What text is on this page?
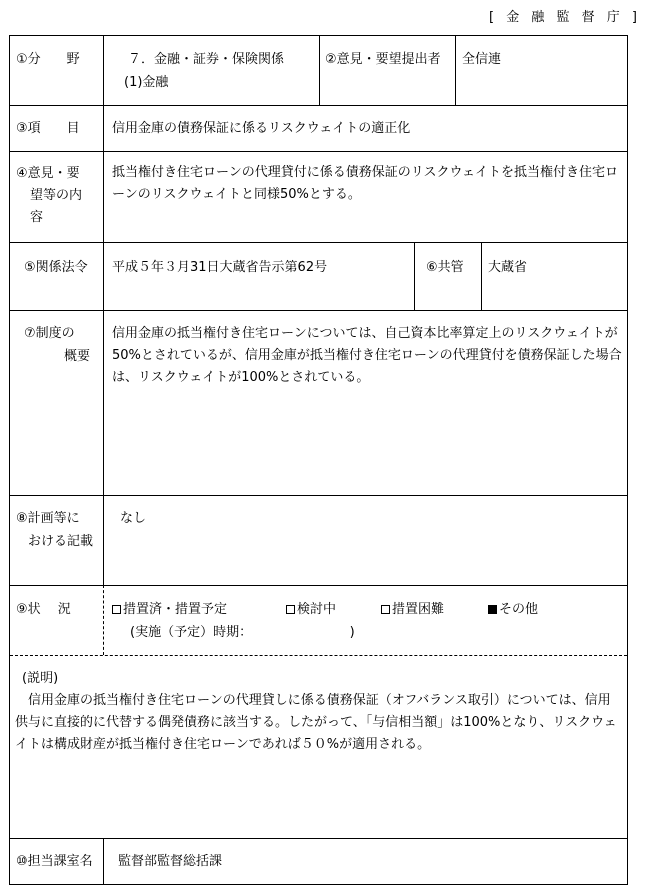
[ 金 融 監 督 庁 ]
①分　　野	７．金融・証券・保険関係
(1)金融
②意見・要望提出者 全信連
③項　　目 信用金庫の債務保証に係るリスクウェイトの適正化
④意見・要
望等の内
容
抵当権付き住宅ローンの代理貸付に係る債務保証のリスクウェイトを抵当権付き住宅ローンのリスクウェイトと同様50%とする。
⑤関係法令 平成５年３月31日大蔵省告示第62号	⑥共管 大蔵省
⑦制度の
概要
信用金庫の抵当権付き住宅ローンについては、自己資本比率算定上のリスクウェイトが50%とされているが、信用金庫が抵当権付き住宅ローンの代理貸付を債務保証した場合は、リスクウェイトが100%とされている。
⑧計画等に
おける記載
なし
⑨状　 況	措置済・措置予定	検討中	措置困難	その他
(実施（予定）時期：　　　　　　　　)
(説明)
　信用金庫の抵当権付き住宅ローンの代理貸しに係る債務保証（オフバランス取引）については、信用供与に直接的に代替する偶発債務に該当する。したがって、「与信相当額」は100%となり、リスクウェイトは構成財産が抵当権付き住宅ローンであれば５０%が適用される。
⑩担当課室名 監督部監督総括課
